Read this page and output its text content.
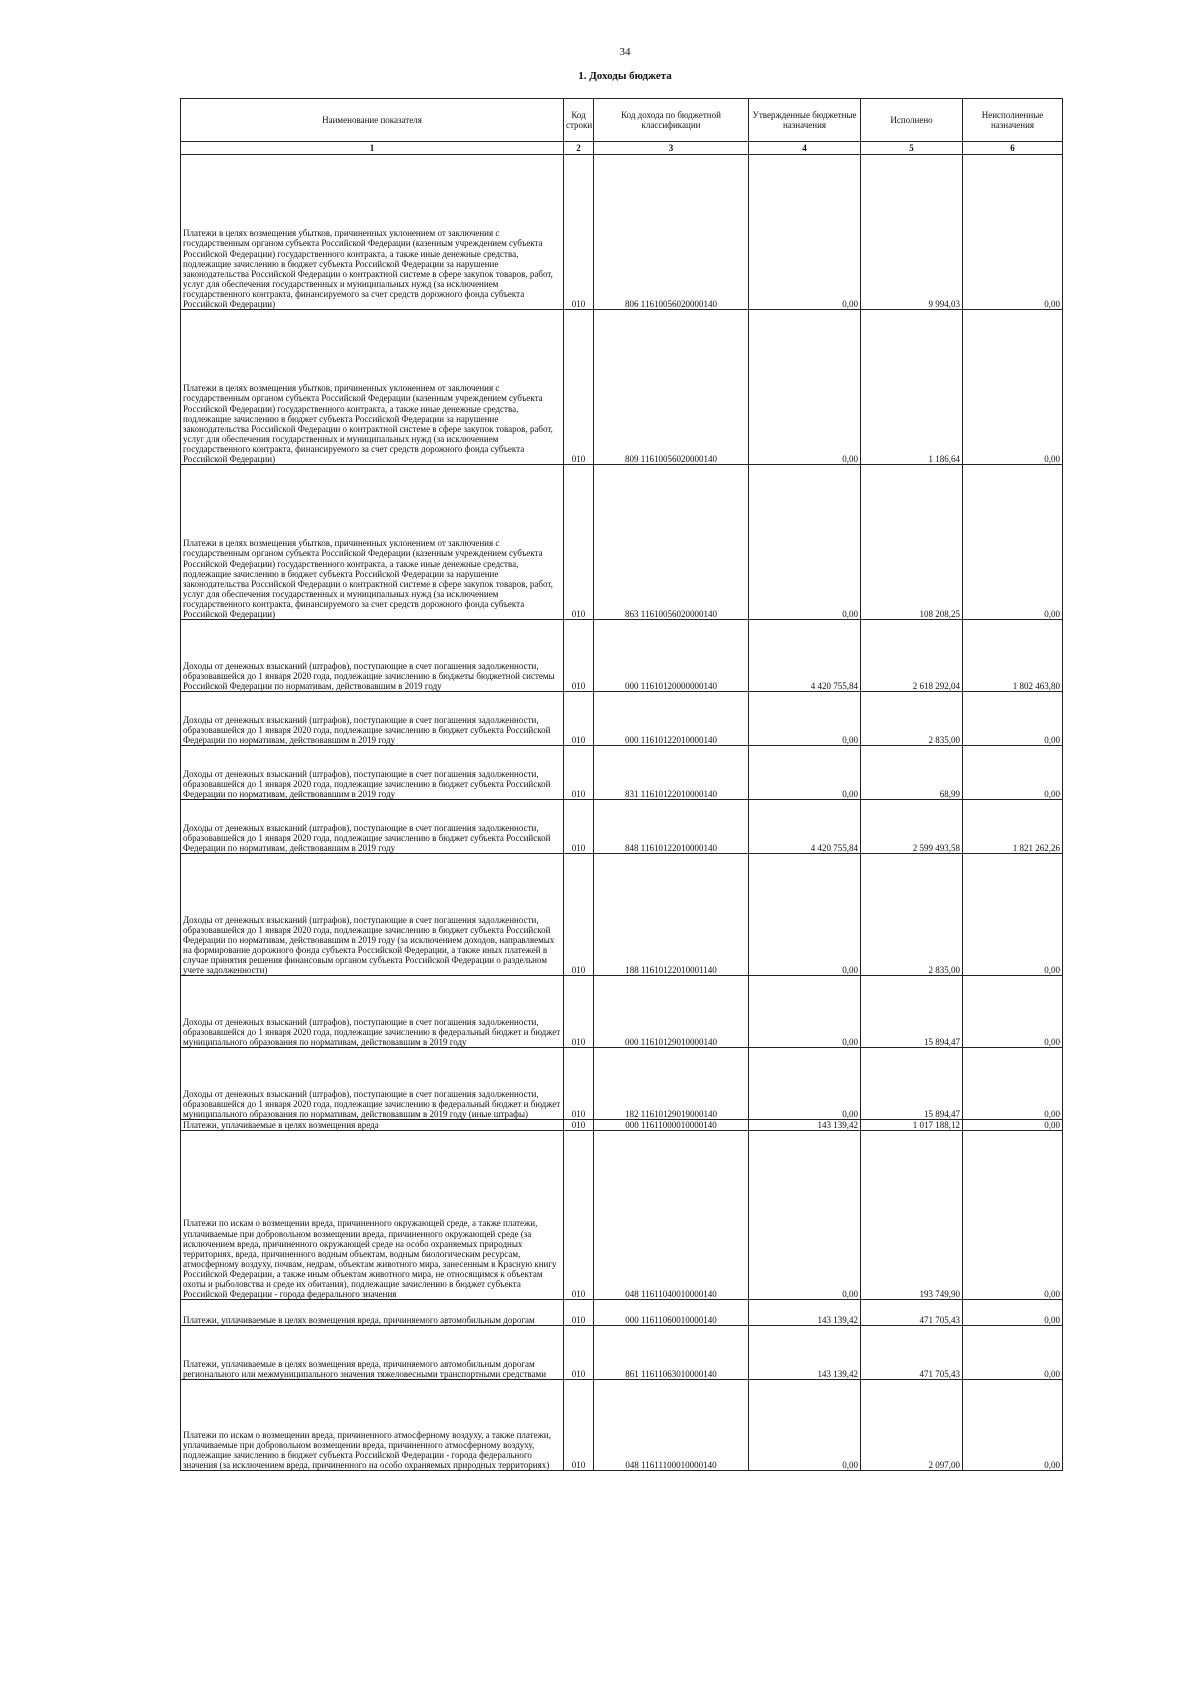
34
1. Доходы бюджета
Наименование показателя	Код строки	Код дохода по бюджетной классификации	Утвержденные бюджетные назначения	Исполнено	Неисполненные назначения
1	2	3	4	5	6
Платежи в целях возмещения убытков, причиненных уклонением от заключения с государственным органом субъекта Российской Федерации (казенным учреждением субъекта Российской Федерации) государственного контракта, а также иные денежные средства, подлежащие зачислению в бюджет субъекта Российской Федерации за нарушение законодательства Российской Федерации о контрактной системе в сфере закупок товаров, работ, услуг для обеспечения государственных и муниципальных нужд (за исключением государственного контракта, финансируемого за счет средств дорожного фонда субъекта Российской Федерации)	010	806 11610056020000140	0,00	9 994,03	0,00
Платежи в целях возмещения убытков, причиненных уклонением от заключения с государственным органом субъекта Российской Федерации (казенным учреждением субъекта Российской Федерации) государственного контракта, а также иные денежные средства, подлежащие зачислению в бюджет субъекта Российской Федерации за нарушение законодательства Российской Федерации о контрактной системе в сфере закупок товаров, работ, услуг для обеспечения государственных и муниципальных нужд (за исключением государственного контракта, финансируемого за счет средств дорожного фонда субъекта Российской Федерации)	010	809 11610056020000140	0,00	1 186,64	0,00
Платежи в целях возмещения убытков, причиненных уклонением от заключения с государственным органом субъекта Российской Федерации (казенным учреждением субъекта Российской Федерации) государственного контракта, а также иные денежные средства, подлежащие зачислению в бюджет субъекта Российской Федерации за нарушение законодательства Российской Федерации о контрактной системе в сфере закупок товаров, работ, услуг для обеспечения государственных и муниципальных нужд (за исключением государственного контракта, финансируемого за счет средств дорожного фонда субъекта Российской Федерации)	010	863 11610056020000140	0,00	108 208,25	0,00
Доходы от денежных взысканий (штрафов), поступающие в счет погашения задолженности, образовавшейся до 1 января 2020 года, подлежащие зачислению в бюджеты бюджетной системы Российской Федерации по нормативам, действовавшим в 2019 году	010	000 11610120000000140	4 420 755,84	2 618 292,04	1 802 463,80
Доходы от денежных взысканий (штрафов), поступающие в счет погашения задолженности, образовавшейся до 1 января 2020 года, подлежащие зачислению в бюджет субъекта Российской Федерации по нормативам, действовавшим в 2019 году	010	000 11610122010000140	0,00	2 835,00	0,00
Доходы от денежных взысканий (штрафов), поступающие в счет погашения задолженности, образовавшейся до 1 января 2020 года, подлежащие зачислению в бюджет субъекта Российской Федерации по нормативам, действовавшим в 2019 году	010	831 11610122010000140	0,00	68,99	0,00
Доходы от денежных взысканий (штрафов), поступающие в счет погашения задолженности, образовавшейся до 1 января 2020 года, подлежащие зачислению в бюджет субъекта Российской Федерации по нормативам, действовавшим в 2019 году	010	848 11610122010000140	4 420 755,84	2 599 493,58	1 821 262,26
Доходы от денежных взысканий (штрафов), поступающие в счет погашения задолженности, образовавшейся до 1 января 2020 года, подлежащие зачислению в бюджет субъекта Российской Федерации по нормативам, действовавшим в 2019 году (за исключением доходов, направляемых на формирование дорожного фонда субъекта Российской Федерации, а также иных платежей в случае принятия решения финансовым органом субъекта Российской Федерации о раздельном учете задолженности)	010	188 11610122010001140	0,00	2 835,00	0,00
Доходы от денежных взысканий (штрафов), поступающие в счет погашения задолженности, образовавшейся до 1 января 2020 года, подлежащие зачислению в федеральный бюджет и бюджет муниципального образования по нормативам, действовавшим в 2019 году	010	000 11610129010000140	0,00	15 894,47	0,00
Доходы от денежных взысканий (штрафов), поступающие в счет погашения задолженности, образовавшейся до 1 января 2020 года, подлежащие зачислению в федеральный бюджет и бюджет муниципального образования по нормативам, действовавшим в 2019 году (иные штрафы)	010	182 11610129019000140	0,00	15 894,47	0,00
Платежи, уплачиваемые в целях возмещения вреда	010	000 11611000010000140	143 139,42	1 017 188,12	0,00
Платежи по искам о возмещении вреда, причиненного окружающей среде, а также платежи, уплачиваемые при добровольном возмещении вреда, причиненного окружающей среде (за исключением вреда, причиненного окружающей среде на особо охраняемых природных территориях, вреда, причиненного водным объектам, водным биологическим ресурсам, атмосферному воздуху, почвам, недрам, объектам животного мира, занесенным в Красную книгу Российской Федерации, а также иным объектам животного мира, не относящимся к объектам охоты и рыболовства и среде их обитания), подлежащие зачислению в бюджет субъекта Российской Федерации - города федерального значения	010	048 11611040010000140	0,00	193 749,90	0,00
Платежи, уплачиваемые в целях возмещения вреда, причиняемого автомобильным дорогам	010	000 11611060010000140	143 139,42	471 705,43	0,00
Платежи, уплачиваемые в целях возмещения вреда, причиняемого автомобильным дорогам регионального или межмуниципального значения тяжеловесными транспортными средствами	010	861 11611063010000140	143 139,42	471 705,43	0,00
Платежи по искам о возмещении вреда, причиненного атмосферному воздуху, а также платежи, уплачиваемые при добровольном возмещении вреда, причиненного атмосферному воздуху, подлежащие зачислению в бюджет субъекта Российской Федерации - города федерального значения (за исключением вреда, причиненного на особо охраняемых природных территориях)	010	048 11611100010000140	0,00	2 097,00	0,00
